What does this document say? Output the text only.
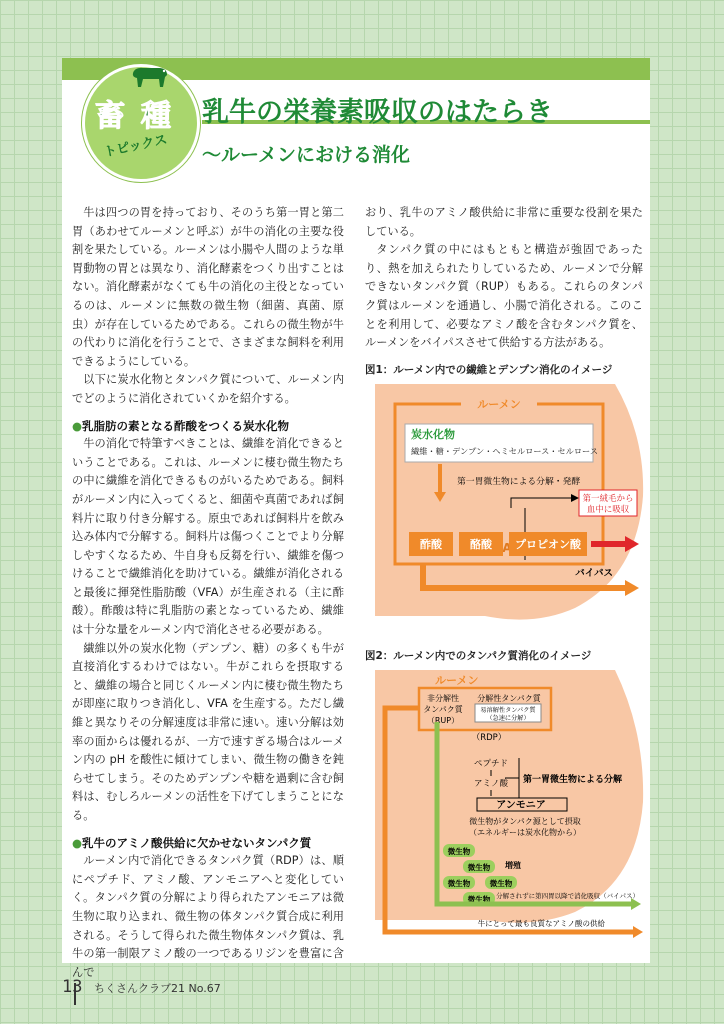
畜 種
トピックス
乳牛の栄養素吸収のはたらき
〜ルーメンにおける消化

牛は四つの胃を持っており、そのうち第一胃と第二胃（あわせてルーメンと呼ぶ）が牛の消化の主要な役割を果たしている。ルーメンは小腸や人間のような単胃動物の胃とは異なり、消化酵素をつくり出すことはない。消化酵素がなくても牛の消化の主役となっているのは、ルーメンに無数の微生物（細菌、真菌、原虫）が存在しているためである。これらの微生物が牛の代わりに消化を行うことで、さまざまな飼料を利用できるようにしている。

以下に炭水化物とタンパク質について、ルーメン内でどのように消化されていくかを紹介する。

● 乳脂肪の素となる酢酸をつくる炭水化物

牛の消化で特筆すべきことは、繊維を消化できるということである。これは、ルーメンに棲む微生物たちの中に繊維を消化できるものがいるためである。飼料がルーメン内に入ってくると、細菌や真菌であれば飼料片に取り付き分解する。原虫であれば飼料片を飲み込み体内で分解する。飼料片は傷つくことでより分解しやすくなるため、牛自身も反芻を行い、繊維を傷つけることで繊維消化を助けている。繊維が消化されると最後に揮発性脂肪酸（VFA）が生産される（主に酢酸）。酢酸は特に乳脂肪の素となっているため、繊維は十分な量をルーメン内で消化させる必要がある。

繊維以外の炭水化物（デンプン、糖）の多くも牛が直接消化するわけではない。牛がこれらを摂取すると、繊維の場合と同じくルーメン内に棲む微生物たちが即座に取りつき消化し、VFA を生産する。ただし繊維と異なりその分解速度は非常に速い。速い分解は効率の面からは優れるが、一方で速すぎる場合はルーメン内の pH を酸性に傾けてしまい、微生物の働きを鈍らせてしまう。そのためデンプンや糖を過剰に含む飼料は、むしろルーメンの活性を下げてしまうことになる。

● 乳牛のアミノ酸供給に欠かせないタンパク質

ルーメン内で消化できるタンパク質（RDP）は、順にペプチド、アミノ酸、アンモニアへと変化していく。タンパク質の分解により得られたアンモニアは微生物に取り込まれ、微生物の体タンパク質合成に利用される。そうして得られた微生物体タンパク質は、乳牛の第一制限アミノ酸の一つであるリジンを豊富に含んで

おり、乳牛のアミノ酸供給に非常に重要な役割を果たしている。

タンパク質の中にはもともと構造が強固であったり、熱を加えられたりしているため、ルーメンで分解できないタンパク質（RUP）もある。これらのタンパク質はルーメンを通過し、小腸で消化される。このことを利用して、必要なアミノ酸を含むタンパク質を、ルーメンをバイパスさせて供給する方法がある。

図1：ルーメン内での繊維とデンプン消化のイメージ
ルーメン
炭水化物
繊維・糖・デンプン・ヘミセルロース・セルロース
第一胃微生物による分解・発酵
第一絨毛から
血中に吸収
酢酸	酪酸 プロピオン酸
バイパス
図2：ルーメン内でのタンパク質消化のイメージ
ルーメン
非分解性
タンパク質
（RUP）
分解性タンパク質
易溶解性タンパク質
（急速に分解）
（RDP）
ペプチド
アミノ酸 第一胃微生物による分解
アンモニア
微生物がタンパク源として摂取
（エネルギーは炭水化物から）
微生物
微生物
微生物	微生物
微生物
増殖
分解されずに第四胃以降で消化吸収（バイパス）
牛にとって最も良質なアミノ酸の供給
13 ちくさんクラブ21 No.67
